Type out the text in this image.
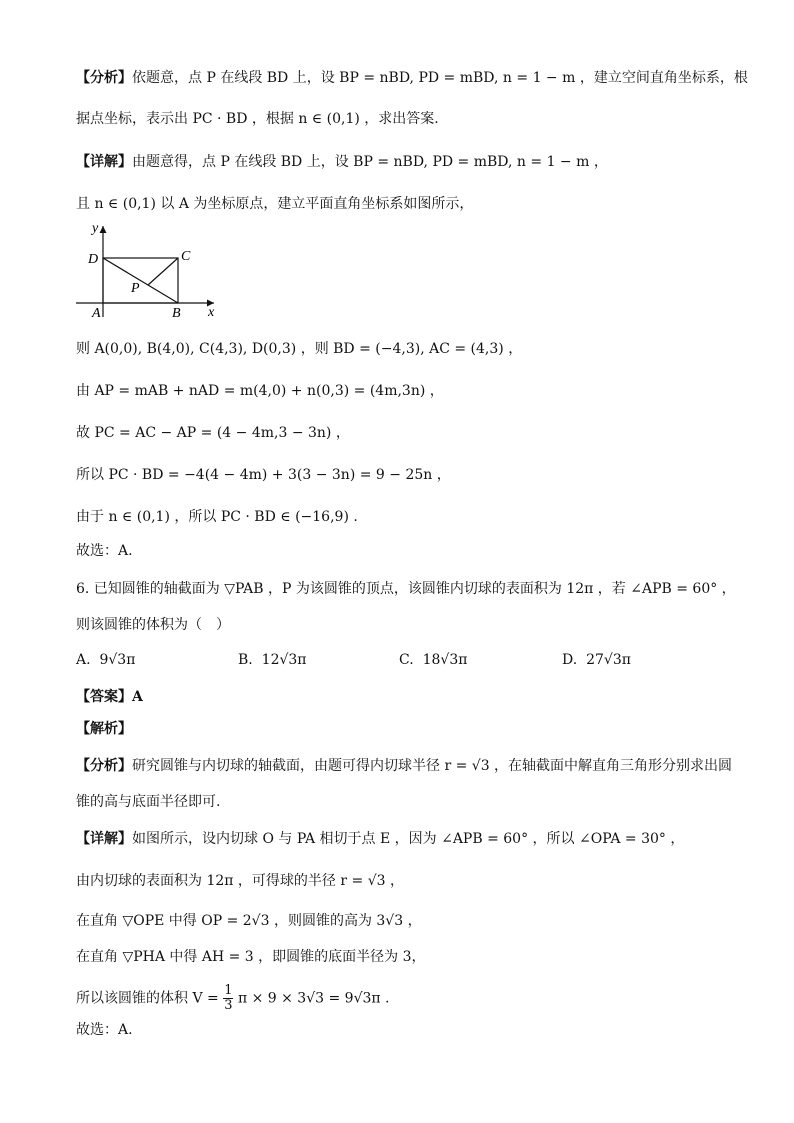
【分析】依题意，点 P 在线段 BD 上，设 BP = nBD, PD = mBD, n = 1 − m ，建立空间直角坐标系，根
据点坐标，表示出 PC · BD ，根据 n ∈ (0,1) ，求出答案.
【详解】由题意得，点 P 在线段 BD 上，设 BP = nBD, PD = mBD, n = 1 − m ，
且 n ∈ (0,1) 以 A 为坐标原点，建立平面直角坐标系如图所示，
y
x
D	C
P
A	B
则 A(0,0), B(4,0), C(4,3), D(0,3) ，则 BD = (−4,3), AC = (4,3) ，
由 AP = mAB + nAD = m(4,0) + n(0,3) = (4m,3n) ，
故 PC = AC − AP = (4 − 4m,3 − 3n) ，
所以 PC · BD = −4(4 − 4m) + 3(3 − 3n) = 9 − 25n ，
由于 n ∈ (0,1) ，所以 PC · BD ∈ (−16,9) .
故选：A.
6. 已知圆锥的轴截面为 ▽PAB ，P 为该圆锥的顶点，该圆锥内切球的表面积为 12π ，若 ∠APB = 60° ，
则该圆锥的体积为（　）
A. 9√3π	B. 12√3π	C. 18√3π	D. 27√3π
【答案】A
【解析】
【分析】研究圆锥与内切球的轴截面，由题可得内切球半径 r = √3 ，在轴截面中解直角三角形分别求出圆
锥的高与底面半径即可.
【详解】如图所示，设内切球 O 与 PA 相切于点 E ，因为 ∠APB = 60° ，所以 ∠OPA = 30° ，
由内切球的表面积为 12π ，可得球的半径 r = √3 ，
在直角 ▽OPE 中得 OP = 2√3 ，则圆锥的高为 3√3 ，
在直角 ▽PHA 中得 AH = 3 ，即圆锥的底面半径为 3，
所以该圆锥的体积 $V = \frac{1}{3}$ π × 9 × 3√3 = 9√3π .
故选：A.
